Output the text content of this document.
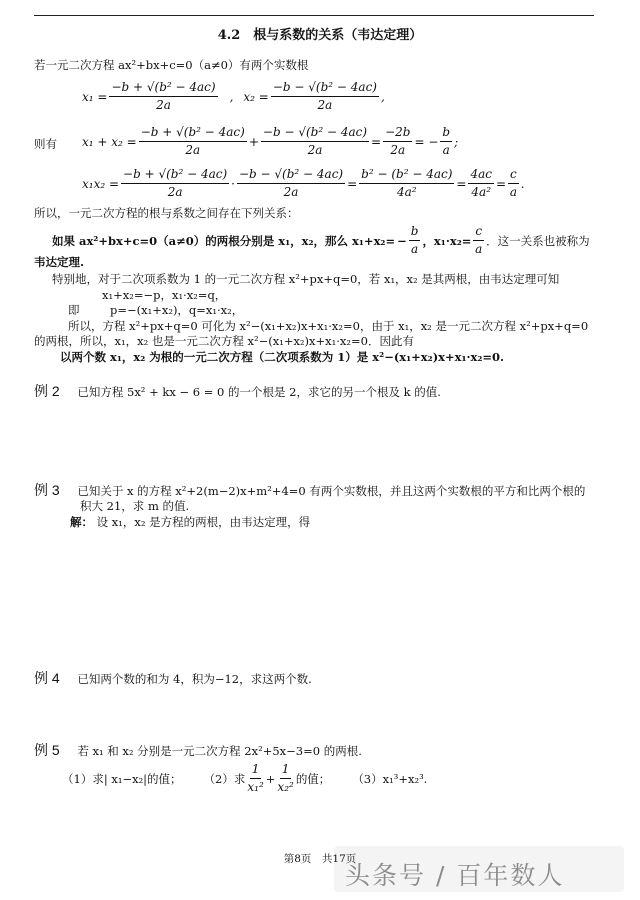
4.2　根与系数的关系（韦达定理）
若一元二次方程 ax²+bx+c=0（a≠0）有两个实数根
$x_1 = \frac{\text{−b + √(b² − 4ac)}}{2a}$ , $x_2 = \frac{\text{−b − √(b² − 4ac)}}{2a}$ ,
则有 $x_1 + x_2 = \frac{\text{−b + √(b² − 4ac)}}{2a} + \frac{\text{−b − √(b² − 4ac)}}{2a} = \frac{-2b}{2a}$ = − $\frac{b}{a}$ ;
$x_1x_2 = \frac{\text{−b + √(b² − 4ac)}}{2a} \cdot \frac{\text{−b − √(b² − 4ac)}}{2a} = \frac{\text{b² − (b² − 4ac)}}{\text{4a²}} = \frac{4ac}{\text{4a²}} = \frac{c}{a}$ .
所以，一元二次方程的根与系数之间存在下列关系：
如果 ax²+bx+c=0（a≠0）的两根分别是 x₁，x₂，那么 $x_1+x_2= - \frac{b}{a}$ ，$x_1\cdot x_2= \frac{c}{a}$ ．这一关系也被称为
韦达定理.
特别地，对于二次项系数为 1 的一元二次方程 x²+px+q=0，若 x₁，x₂ 是其两根，由韦达定理可知
x₁+x₂=−p，x₁·x₂=q，
即	p=−(x₁+x₂)，q=x₁·x₂，
所以，方程 x²+px+q=0 可化为 x²−(x₁+x₂)x+x₁·x₂=0，由于 x₁，x₂ 是一元二次方程 x²+px+q=0
的两根，所以，x₁，x₂ 也是一元二次方程 x²−(x₁+x₂)x+x₁·x₂=0．因此有
以两个数 x₁，x₂ 为根的一元二次方程（二次项系数为 1）是 x²−(x₁+x₂)x+x₁·x₂=0.
例 2 已知方程 5x² + kx − 6 = 0 的一个根是 2，求它的另一个根及 k 的值.
例 3 已知关于 x 的方程 x²+2(m−2)x+m²+4=0 有两个实数根，并且这两个实数根的平方和比两个根的
积大 21，求 m 的值.
解： 设 x₁，x₂ 是方程的两根，由韦达定理，得
例 4 已知两个数的和为 4，积为−12，求这两个数.
例 5 若 x₁ 和 x₂ 分别是一元二次方程 2x²+5x−3=0 的两根.
（1）求| x₁−x₂|的值； （2）求 $\frac{1}{\text{x₁²}} + \frac{1}{\text{x₂²}}$ 的值； （3）x₁³+x₂³.
第8页　共17页
头条号 / 百年数人
